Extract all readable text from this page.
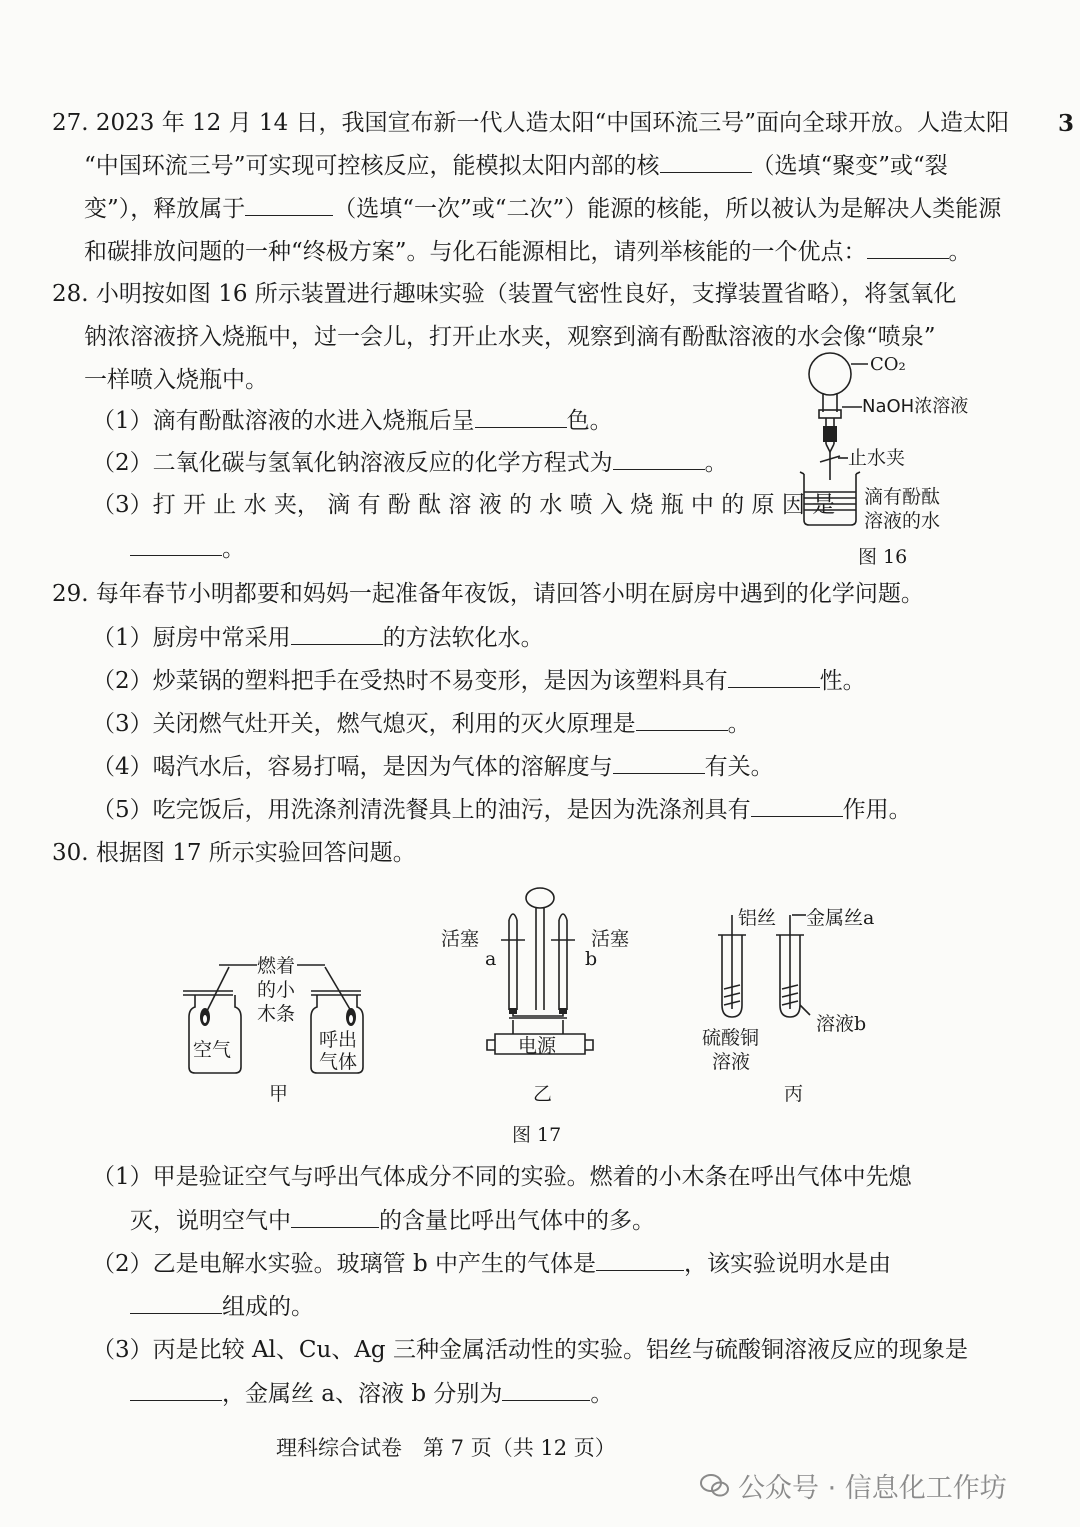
3
27. 2023 年 12 月 14 日，我国宣布新一代人造太阳“中国环流三号”面向全球开放。人造太阳
“中国环流三号”可实现可控核反应，能模拟太阳内部的核	（选填“聚变”或“裂
变”），释放属于	（选填“一次”或“二次”）能源的核能，所以被认为是解决人类能源
和碳排放问题的一种“终极方案”。与化石能源相比，请列举核能的一个优点：	。
28. 小明按如图 16 所示装置进行趣味实验（装置气密性良好，支撑装置省略），将氢氧化
钠浓溶液挤入烧瓶中，过一会儿，打开止水夹，观察到滴有酚酞溶液的水会像“喷泉”
一样喷入烧瓶中。
（1）滴有酚酞溶液的水进入烧瓶后呈	色。
（2）二氧化碳与氢氧化钠溶液反应的化学方程式为	。
（3）打 开 止 水 夹， 滴 有 酚 酞 溶 液 的 水 喷 入 烧 瓶 中 的 原 因 是
。
CO₂
NaOH浓溶液
止水夹
滴有酚酞
溶液的水
图 16
29. 每年春节小明都要和妈妈一起准备年夜饭，请回答小明在厨房中遇到的化学问题。
（1）厨房中常采用	的方法软化水。
（2）炒菜锅的塑料把手在受热时不易变形，是因为该塑料具有	性。
（3）关闭燃气灶开关，燃气熄灭，利用的灭火原理是	。
（4）喝汽水后，容易打嗝，是因为气体的溶解度与	有关。
（5）吃完饭后，用洗涤剂清洗餐具上的油污，是因为洗涤剂具有	作用。
30. 根据图 17 所示实验回答问题。
燃着
的小
木条
空气	呼出
气体
甲
活塞	活塞
a	b
电源
乙
铝丝 金属丝a
硫酸铜
溶液
溶液b
丙
图 17
（1）甲是验证空气与呼出气体成分不同的实验。燃着的小木条在呼出气体中先熄
灭，说明空气中	的含量比呼出气体中的多。
（2）乙是电解水实验。玻璃管 b 中产生的气体是	，该实验说明水是由
组成的。
（3）丙是比较 Al、Cu、Ag 三种金属活动性的实验。铝丝与硫酸铜溶液反应的现象是
，金属丝 a、溶液 b 分别为	。
理科综合试卷　第 7 页（共 12 页）
公众号 · 信息化工作坊
